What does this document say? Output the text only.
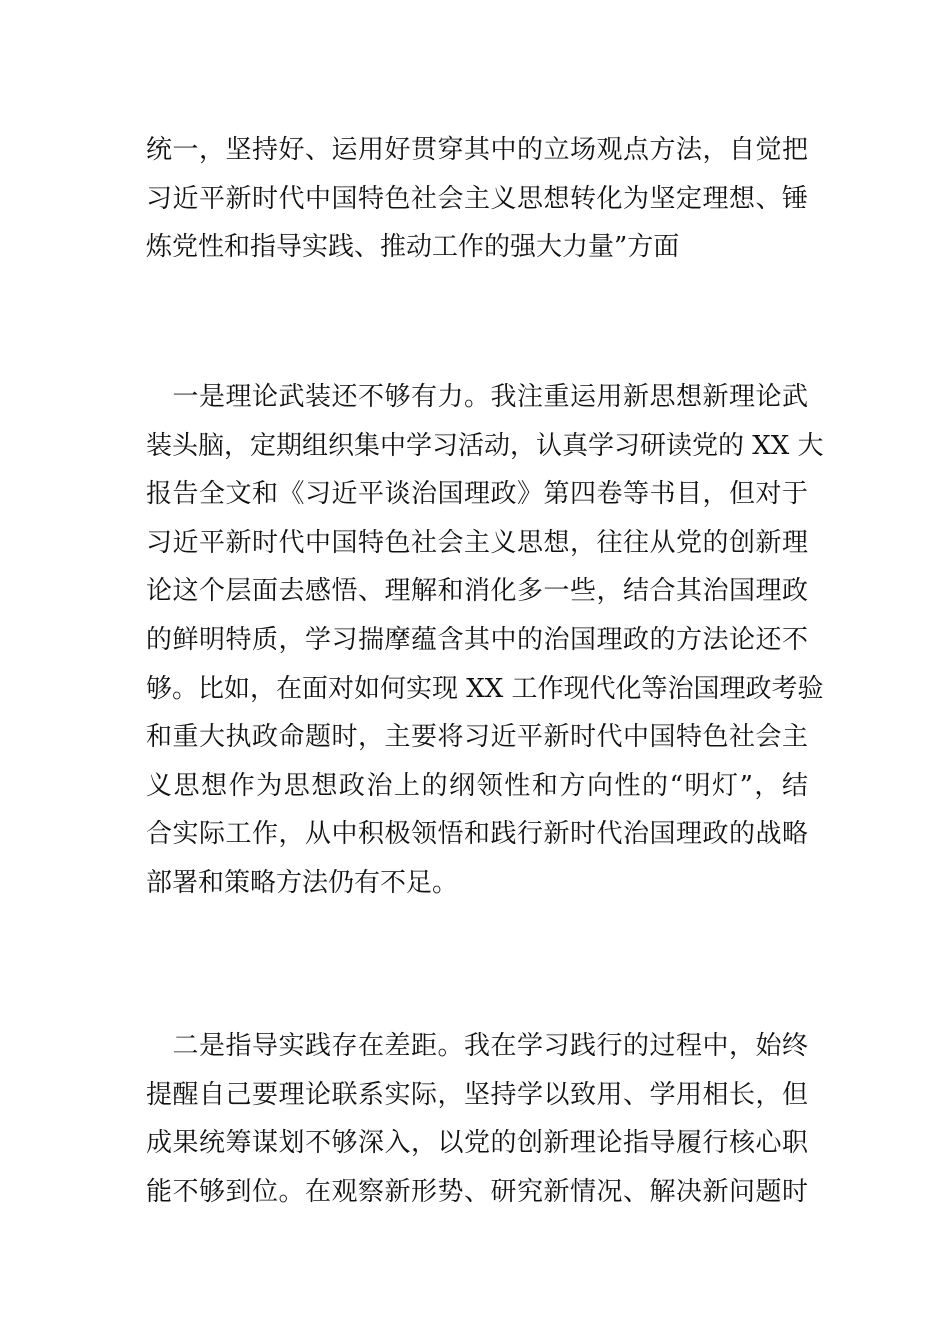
统一，坚持好、运用好贯穿其中的立场观点方法，自觉把
习近平新时代中国特色社会主义思想转化为坚定理想、锤
炼党性和指导实践、推动工作的强大力量”方面
　一是理论武装还不够有力。我注重运用新思想新理论武
装头脑，定期组织集中学习活动，认真学习研读党的 XX 大
报告全文和《习近平谈治国理政》第四卷等书目，但对于
习近平新时代中国特色社会主义思想，往往从党的创新理
论这个层面去感悟、理解和消化多一些，结合其治国理政
的鲜明特质，学习揣摩蕴含其中的治国理政的方法论还不
够。比如，在面对如何实现 XX 工作现代化等治国理政考验
和重大执政命题时，主要将习近平新时代中国特色社会主
义思想作为思想政治上的纲领性和方向性的“明灯”，结
合实际工作，从中积极领悟和践行新时代治国理政的战略
部署和策略方法仍有不足。
　二是指导实践存在差距。我在学习践行的过程中，始终
提醒自己要理论联系实际，坚持学以致用、学用相长，但
成果统筹谋划不够深入，以党的创新理论指导履行核心职
能不够到位。在观察新形势、研究新情况、解决新问题时
